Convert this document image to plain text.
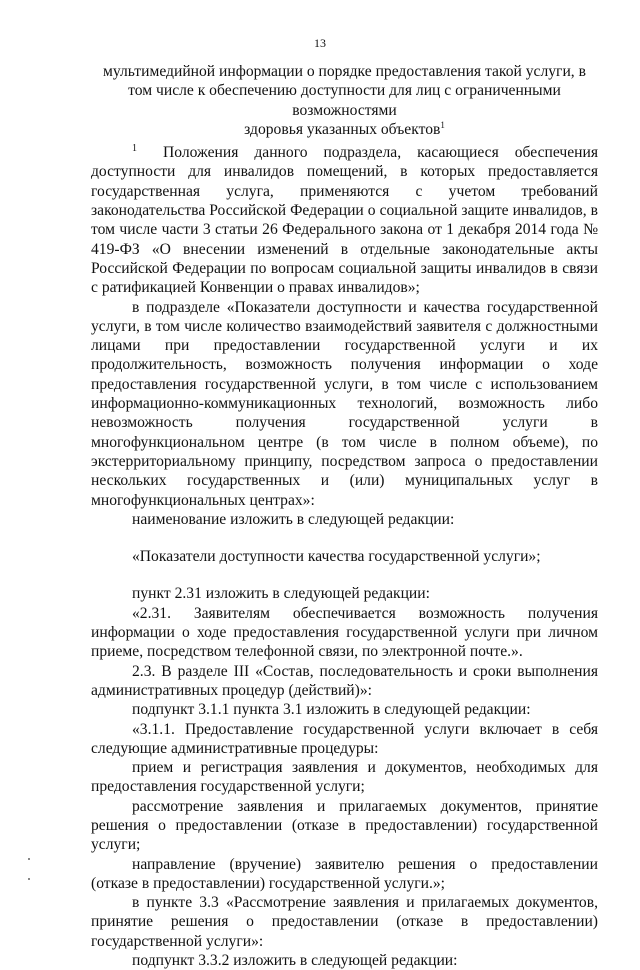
13

мультимедийной информации о порядке предоставления такой услуги, в том числе к обеспечению доступности для лиц с ограниченными возможностями
здоровья указанных объектов$^1$

$^1$ Положения данного подраздела, касающиеся обеспечения доступности для инвалидов помещений, в которых предоставляется государственная услуга, применяются с учетом требований законодательства Российской Федерации о социальной защите инвалидов, в том числе части 3 статьи 26 Федерального закона от 1 декабря 2014 года № 419-ФЗ «О внесении изменений в отдельные законодательные акты Российской Федерации по вопросам социальной защиты инвалидов в связи с ратификацией Конвенции о правах инвалидов»;

в подразделе «Показатели доступности и качества государственной услуги, в том числе количество взаимодействий заявителя с должностными лицами при предоставлении государственной услуги и их продолжительность, возможность получения информации о ходе предоставления государственной услуги, в том числе с использованием информационно-коммуникационных технологий, возможность либо невозможность получения государственной услуги в многофункциональном центре (в том числе в полном объеме), по экстерриториальному принципу, посредством запроса о предоставлении нескольких государственных и (или) муниципальных услуг в многофункциональных центрах»:

наименование изложить в следующей редакции:

«Показатели доступности качества государственной услуги»;

пункт 2.31 изложить в следующей редакции:

«2.31. Заявителям обеспечивается возможность получения информации о ходе предоставления государственной услуги при личном приеме, посредством телефонной связи, по электронной почте.».

2.3. В разделе III «Состав, последовательность и сроки выполнения административных процедур (действий)»:

подпункт 3.1.1 пункта 3.1 изложить в следующей редакции:

«3.1.1. Предоставление государственной услуги включает в себя следующие административные процедуры:

прием и регистрация заявления и документов, необходимых для предоставления государственной услуги;

рассмотрение заявления и прилагаемых документов, принятие решения о предоставлении (отказе в предоставлении) государственной услуги;

направление (вручение) заявителю решения о предоставлении (отказе в предоставлении) государственной услуги.»;

в пункте 3.3 «Рассмотрение заявления и прилагаемых документов, принятие решения о предоставлении (отказе в предоставлении) государственной услуги»:

подпункт 3.3.2 изложить в следующей редакции:
